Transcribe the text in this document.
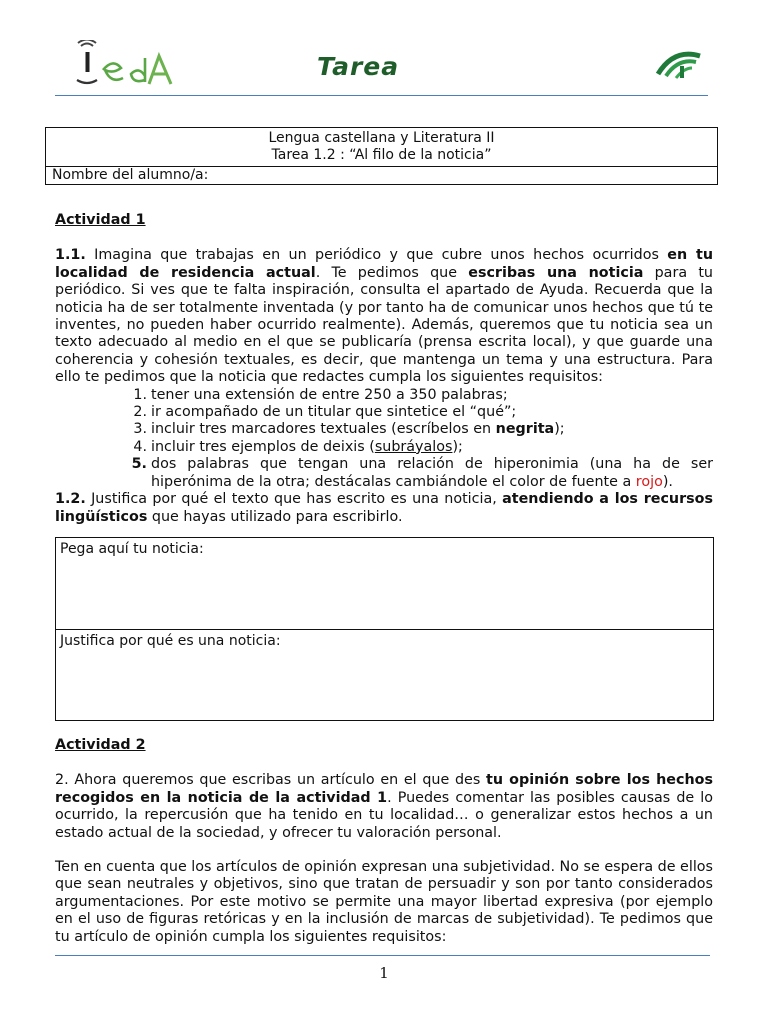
Tarea
Lengua castellana y Literatura II
Tarea 1.2 : “Al filo de la noticia”
Nombre del alumno/a:
Actividad 1

1.1. Imagina que trabajas en un periódico y que cubre unos hechos ocurridos en tu localidad de residencia actual. Te pedimos que escribas una noticia para tu periódico. Si ves que te falta inspiración, consulta el apartado de Ayuda. Recuerda que la noticia ha de ser totalmente inventada (y por tanto ha de comunicar unos hechos que tú te inventes, no pueden haber ocurrido realmente). Además, queremos que tu noticia sea un texto adecuado al medio en el que se publicaría (prensa escrita local), y que guarde una coherencia y cohesión textuales, es decir, que mantenga un tema y una estructura. Para ello te pedimos que la noticia que redactes cumpla los siguientes requisitos:

1. tener una extensión de entre 250 a 350 palabras;
2. ir acompañado de un titular que sintetice el “qué”;
3. incluir tres marcadores textuales (escríbelos en negrita);
4. incluir tres ejemplos de deixis (subráyalos);
5. dos palabras que tengan una relación de hiperonimia (una ha de ser hiperónima de la otra; destácalas cambiándole el color de fuente a rojo).

1.2. Justifica por qué el texto que has escrito es una noticia, atendiendo a los recursos lingüísticos que hayas utilizado para escribirlo.

Pega aquí tu noticia:
Justifica por qué es una noticia:
Actividad 2

2. Ahora queremos que escribas un artículo en el que des tu opinión sobre los hechos recogidos en la noticia de la actividad 1. Puedes comentar las posibles causas de lo ocurrido, la repercusión que ha tenido en tu localidad… o generalizar estos hechos a un estado actual de la sociedad, y ofrecer tu valoración personal.

Ten en cuenta que los artículos de opinión expresan una subjetividad. No se espera de ellos que sean neutrales y objetivos, sino que tratan de persuadir y son por tanto considerados argumentaciones. Por este motivo se permite una mayor libertad expresiva (por ejemplo en el uso de figuras retóricas y en la inclusión de marcas de subjetividad). Te pedimos que tu artículo de opinión cumpla los siguientes requisitos:

1
